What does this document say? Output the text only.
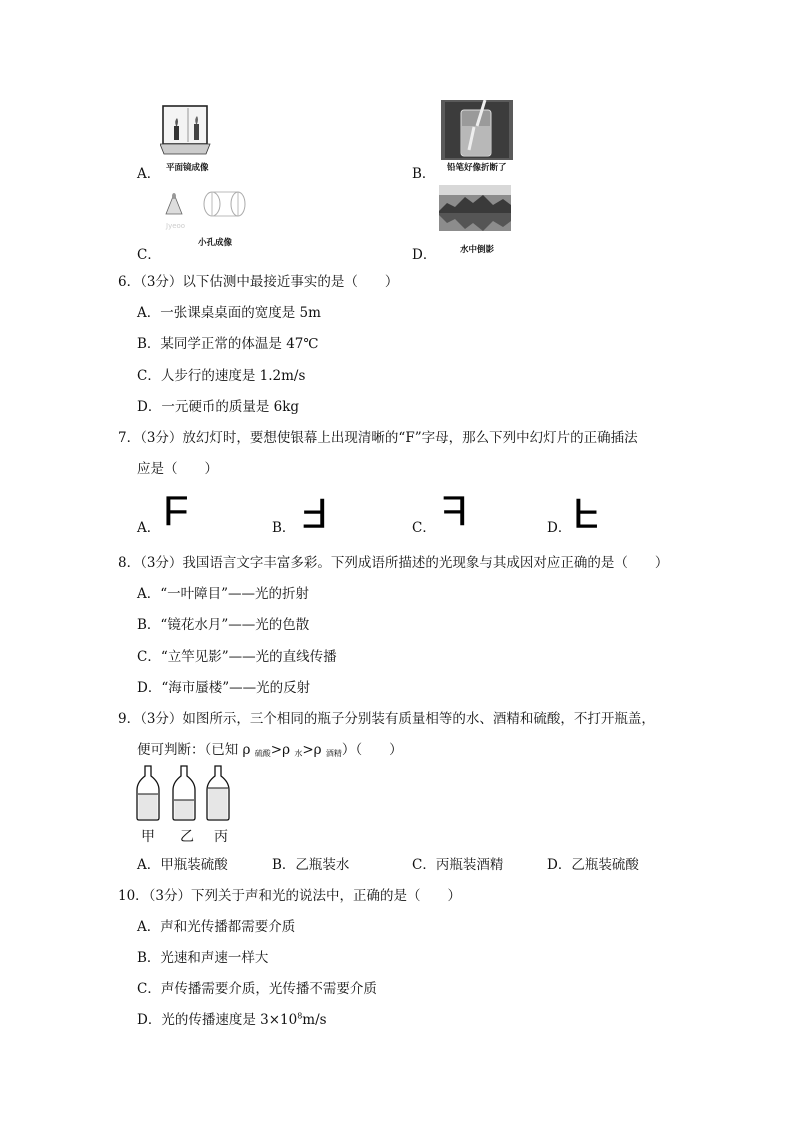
A． 平面镜成像	B． 铅笔好像折断了
C．
Jyeoo
小孔成像
D．	水中倒影
6．（3分）以下估测中最接近事实的是（　　）
A．一张课桌桌面的宽度是 5m
B．某同学正常的体温是 47℃
C．人步行的速度是 1.2m/s
D．一元硬币的质量是 6kg
7．（3分）放幻灯时，要想使银幕上出现清晰的“F”字母，那么下列中幻灯片的正确插法
应是（　　）
A． F	B． F	C． F	D． F
8．（3分）我国语言文字丰富多彩。下列成语所描述的光现象与其成因对应正确的是（　　）
A．“一叶障目”——光的折射
B．“镜花水月”——光的色散
C．“立竿见影”——光的直线传播
D．“海市蜃楼”——光的反射
9．（3分）如图所示，三个相同的瓶子分别装有质量相等的水、酒精和硫酸，不打开瓶盖，
便可判断：（已知 ρ $_{硫酸}$>ρ $_水$>ρ $_{酒精}$）（　　）
甲 乙 丙
A．甲瓶装硫酸	B．乙瓶装水	C．丙瓶装酒精	D．乙瓶装硫酸
10．（3分）下列关于声和光的说法中，正确的是（　　）
A．声和光传播都需要介质
B．光速和声速一样大
C．声传播需要介质，光传播不需要介质
D．光的传播速度是 $3\times 10^8m/s$
